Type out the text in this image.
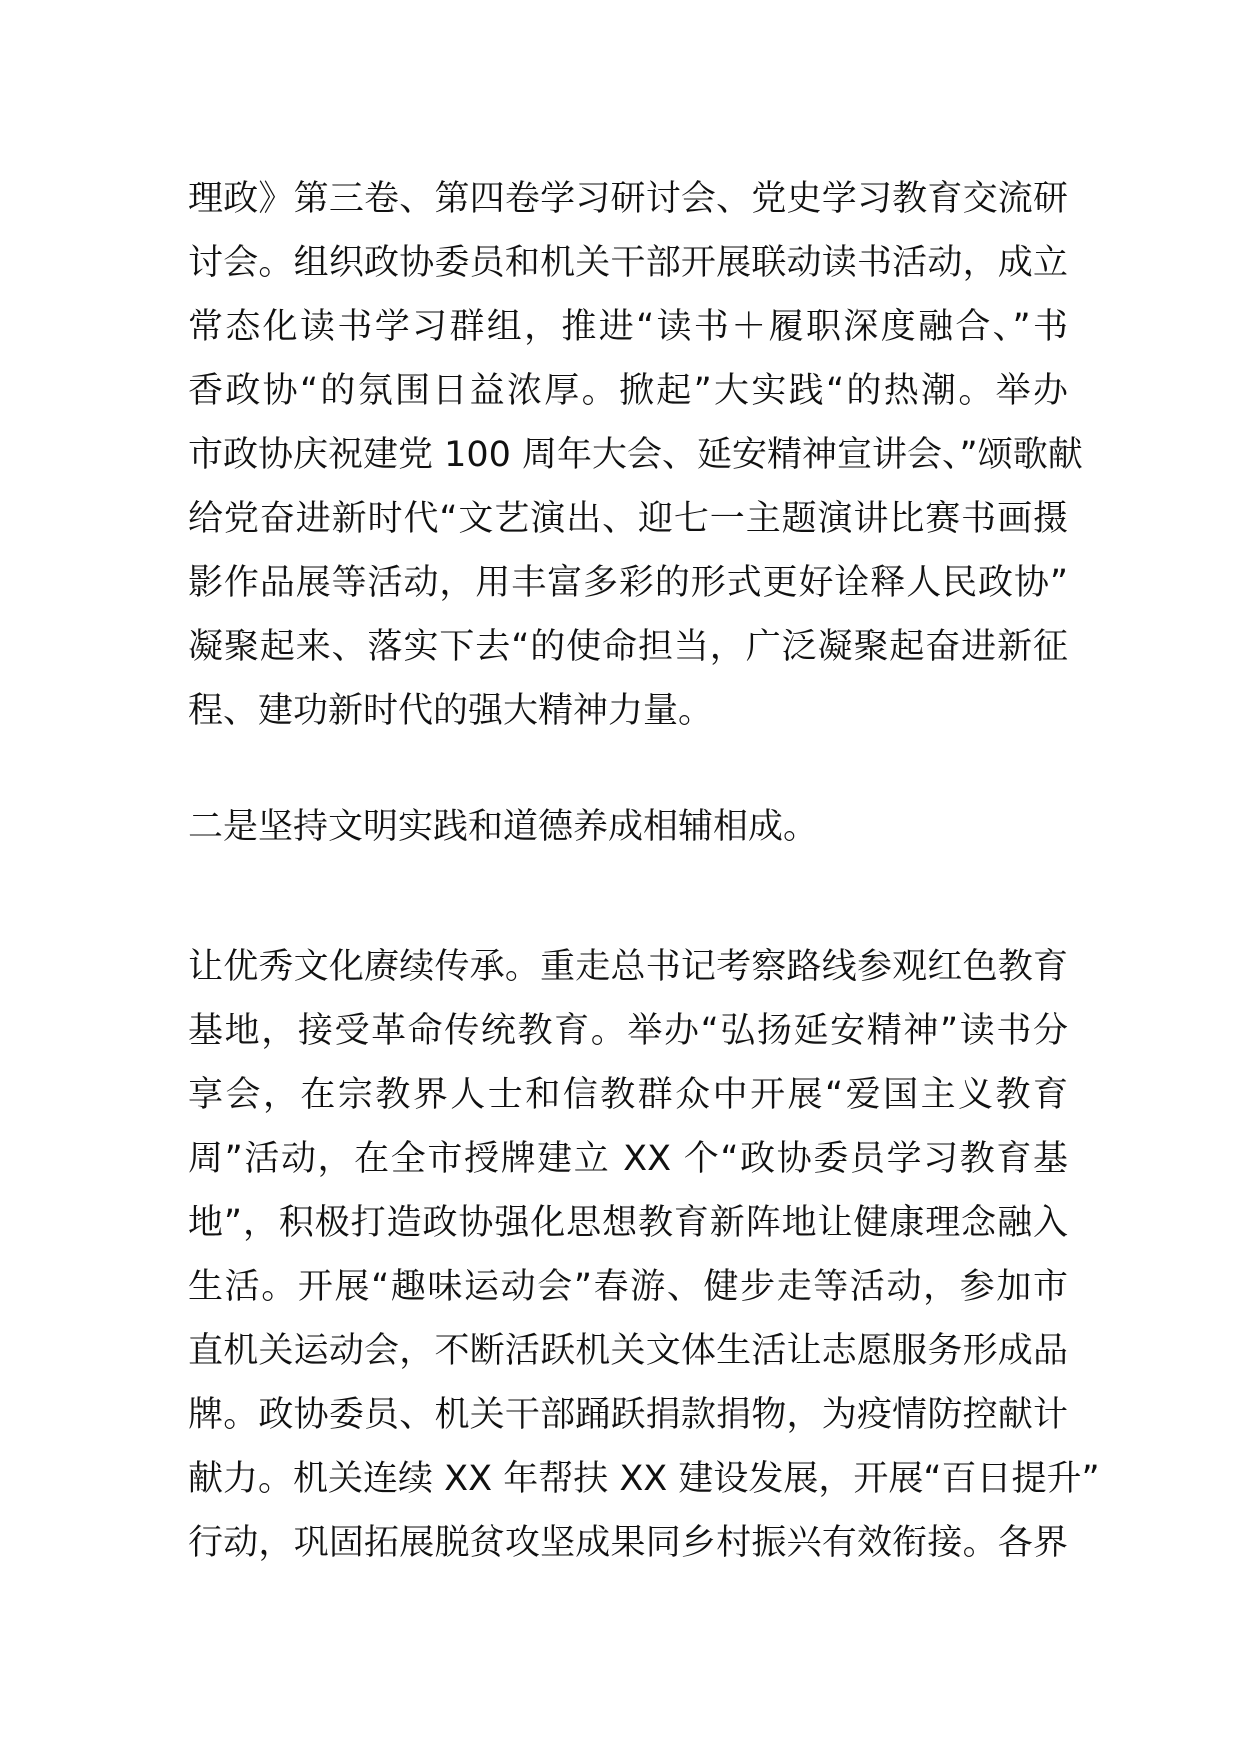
理政》第三卷、第四卷学习研讨会、党史学习教育交流研
讨会。组织政协委员和机关干部开展联动读书活动，成立
常态化读书学习群组，推进“读书＋履职深度融合、”书
香政协“的氛围日益浓厚。掀起”大实践“的热潮。举办
市政协庆祝建党 100 周年大会、延安精神宣讲会、”颂歌献
给党奋进新时代“文艺演出、迎七一主题演讲比赛书画摄
影作品展等活动，用丰富多彩的形式更好诠释人民政协”
凝聚起来、落实下去“的使命担当，广泛凝聚起奋进新征
程、建功新时代的强大精神力量。
二是坚持文明实践和道德养成相辅相成。
让优秀文化赓续传承。重走总书记考察路线参观红色教育
基地，接受革命传统教育。举办“弘扬延安精神”读书分
享会，在宗教界人士和信教群众中开展“爱国主义教育
周”活动，在全市授牌建立 XX 个“政协委员学习教育基
地”，积极打造政协强化思想教育新阵地让健康理念融入
生活。开展“趣味运动会”春游、健步走等活动，参加市
直机关运动会，不断活跃机关文体生活让志愿服务形成品
牌。政协委员、机关干部踊跃捐款捐物，为疫情防控献计
献力。机关连续 XX 年帮扶 XX 建设发展，开展“百日提升”
行动，巩固拓展脱贫攻坚成果同乡村振兴有效衔接。各界
